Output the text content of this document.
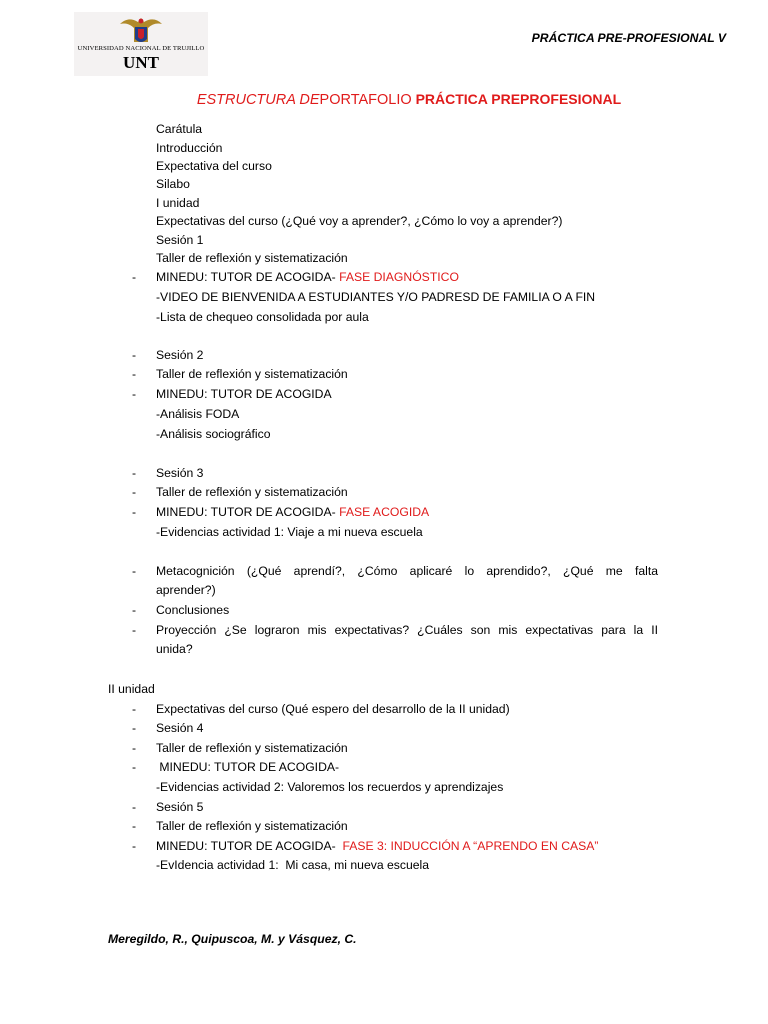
UNIVERSIDAD NACIONAL DE TRUJILLO
UNT
PRÁCTICA PRE-PROFESIONAL V
ESTRUCTURA DEPORTAFOLIO PRÁCTICA PREPROFESIONAL
Carátula
Introducción
Expectativa del curso
Silabo
I unidad
Expectativas del curso (¿Qué voy a aprender?, ¿Cómo lo voy a aprender?)
Sesión 1
Taller de reflexión y sistematización
- MINEDU: TUTOR DE ACOGIDA- FASE DIAGNÓSTICO
-VIDEO DE BIENVENIDA A ESTUDIANTES Y/O PADRESD DE FAMILIA O A FIN
-Lista de chequeo consolidada por aula
- Sesión 2
- Taller de reflexión y sistematización
- MINEDU: TUTOR DE ACOGIDA
-Análisis FODA
-Análisis sociográfico
- Sesión 3
- Taller de reflexión y sistematización
- MINEDU: TUTOR DE ACOGIDA- FASE ACOGIDA
-Evidencias actividad 1: Viaje a mi nueva escuela
- Metacognición (¿Qué aprendí?, ¿Cómo aplicaré lo aprendido?, ¿Qué me falta
aprender?)
- Conclusiones
- Proyección ¿Se lograron mis expectativas? ¿Cuáles son mis expectativas para la II
unida?
II unidad
- Expectativas del curso (Qué espero del desarrollo de la II unidad)
- Sesión 4
- Taller de reflexión y sistematización
- MINEDU: TUTOR DE ACOGIDA-
-Evidencias actividad 2: Valoremos los recuerdos y aprendizajes
- Sesión 5
- Taller de reflexión y sistematización
- MINEDU: TUTOR DE ACOGIDA- FASE 3: INDUCCIÓN A “APRENDO EN CASA”
-EvIdencia actividad 1:  Mi casa, mi nueva escuela
Meregildo, R., Quipuscoa, M. y Vásquez, C.
